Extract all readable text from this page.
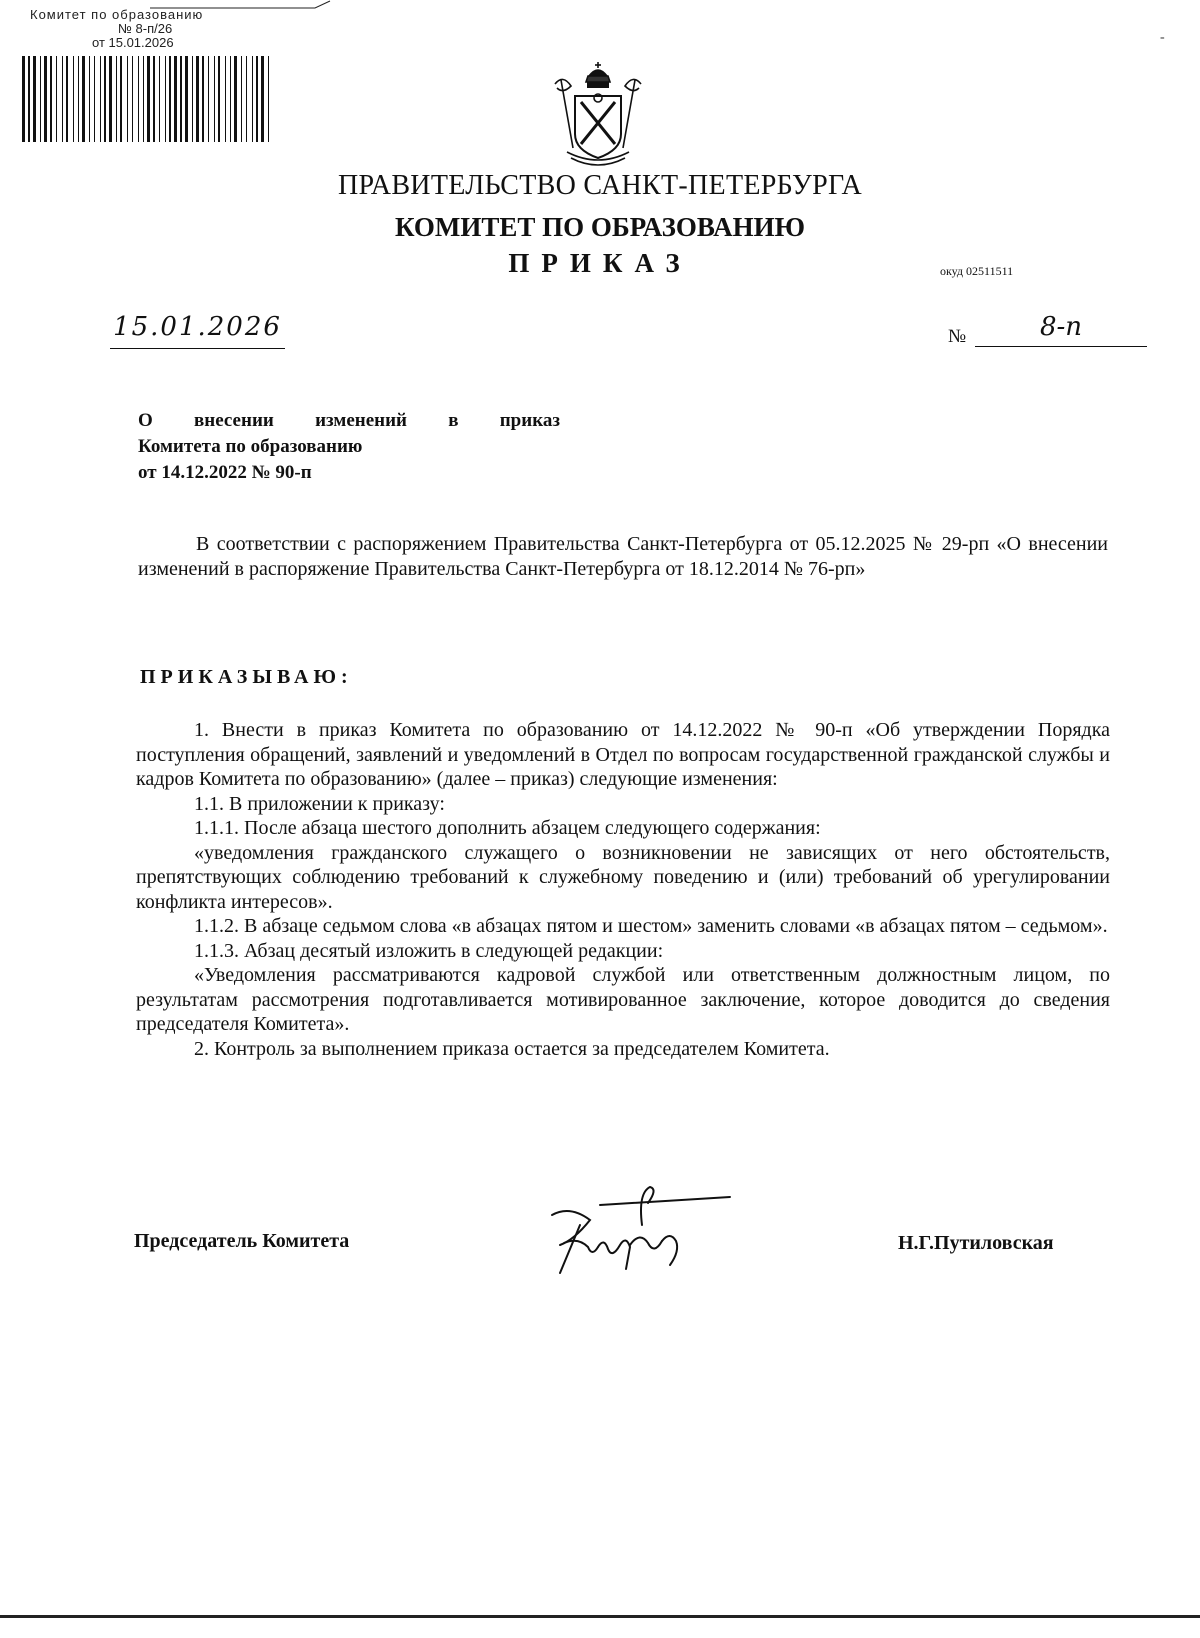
Комитет по образованию
№ 8-п/26
от 15.01.2026	-
ПРАВИТЕЛЬСТВО САНКТ-ПЕТЕРБУРГА
КОМИТЕТ ПО ОБРАЗОВАНИЮ
ПРИКАЗ	окуд 02511511
15.01.2026	№	8-п
О внесении изменений в приказ
Комитета по образованию
от 14.12.2022 № 90-п

В соответствии с распоряжением Правительства Санкт-Петербурга от 05.12.2025 № 29-рп «О внесении изменений в распоряжение Правительства Санкт-Петербурга от 18.12.2014 № 76-рп»

ПРИКАЗЫВАЮ:

1. Внести в приказ Комитета по образованию от 14.12.2022 № 90-п «Об утверждении Порядка поступления обращений, заявлений и уведомлений в Отдел по вопросам государственной гражданской службы и кадров Комитета по образованию» (далее – приказ) следующие изменения:

1.1. В приложении к приказу:

1.1.1. После абзаца шестого дополнить абзацем следующего содержания:

«уведомления гражданского служащего о возникновении не зависящих от него обстоятельств, препятствующих соблюдению требований к служебному поведению и (или) требований об урегулировании конфликта интересов».

1.1.2. В абзаце седьмом слова «в абзацах пятом и шестом» заменить словами «в абзацах пятом – седьмом».

1.1.3. Абзац десятый изложить в следующей редакции:

«Уведомления рассматриваются кадровой службой или ответственным должностным лицом, по результатам рассмотрения подготавливается мотивированное заключение, которое доводится до сведения председателя Комитета».

2. Контроль за выполнением приказа остается за председателем Комитета.

Председатель Комитета	Н.Г.Путиловская
